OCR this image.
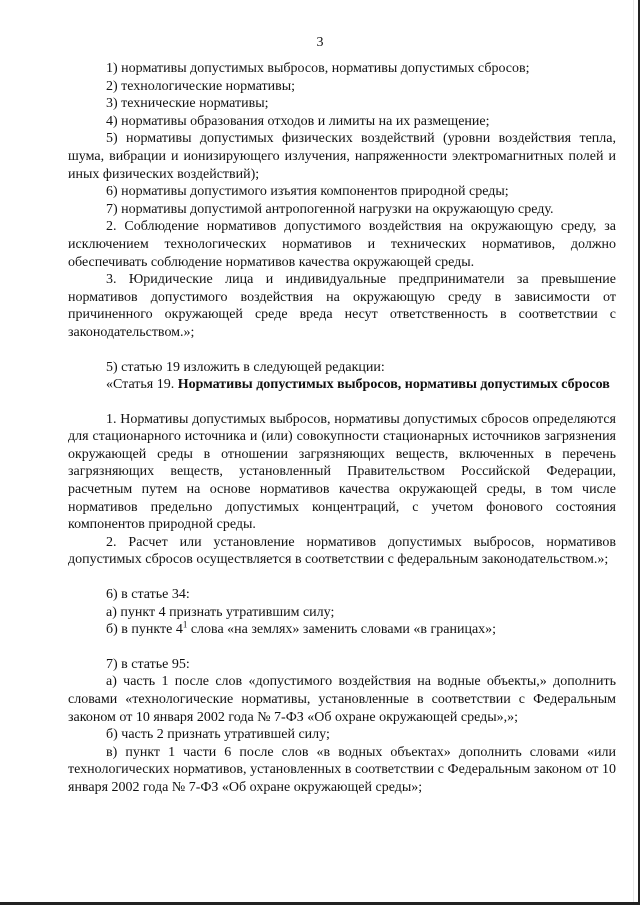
3

1) нормативы допустимых выбросов, нормативы допустимых сбросов;

2) технологические нормативы;

3) технические нормативы;

4) нормативы образования отходов и лимиты на их размещение;

5) нормативы допустимых физических воздействий (уровни воздействия тепла, шума, вибрации и ионизирующего излучения, напряженности электромагнитных полей и иных физических воздействий);

6) нормативы допустимого изъятия компонентов природной среды;

7) нормативы допустимой антропогенной нагрузки на окружающую среду.

2. Соблюдение нормативов допустимого воздействия на окружающую среду, за исключением технологических нормативов и технических нормативов, должно обеспечивать соблюдение нормативов качества окружающей среды.

3. Юридические лица и индивидуальные предприниматели за превышение нормативов допустимого воздействия на окружающую среду в зависимости от причиненного окружающей среде вреда несут ответственность в соответствии с законодательством.»;

5) статью 19 изложить в следующей редакции:

«Статья 19. Нормативы допустимых выбросов, нормативы допустимых сбросов

1. Нормативы допустимых выбросов, нормативы допустимых сбросов определяются для стационарного источника и (или) совокупности стационарных источников загрязнения окружающей среды в отношении загрязняющих веществ, включенных в перечень загрязняющих веществ, установленный Правительством Российской Федерации, расчетным путем на основе нормативов качества окружающей среды, в том числе нормативов предельно допустимых концентраций, с учетом фонового состояния компонентов природной среды.

2. Расчет или установление нормативов допустимых выбросов, нормативов допустимых сбросов осуществляется в соответствии с федеральным законодательством.»;

6) в статье 34:

а) пункт 4 признать утратившим силу;

б) в пункте $4^1$ слова «на землях» заменить словами «в границах»;

7) в статье 95:

а) часть 1 после слов «допустимого воздействия на водные объекты,» дополнить словами «технологические нормативы, установленные в соответствии с Федеральным законом от 10 января 2002 года № 7-ФЗ «Об охране окружающей среды»,»;

б) часть 2 признать утратившей силу;

в) пункт 1 части 6 после слов «в водных объектах» дополнить словами «или технологических нормативов, установленных в соответствии с Федеральным законом от 10 января 2002 года № 7-ФЗ «Об охране окружающей среды»;
